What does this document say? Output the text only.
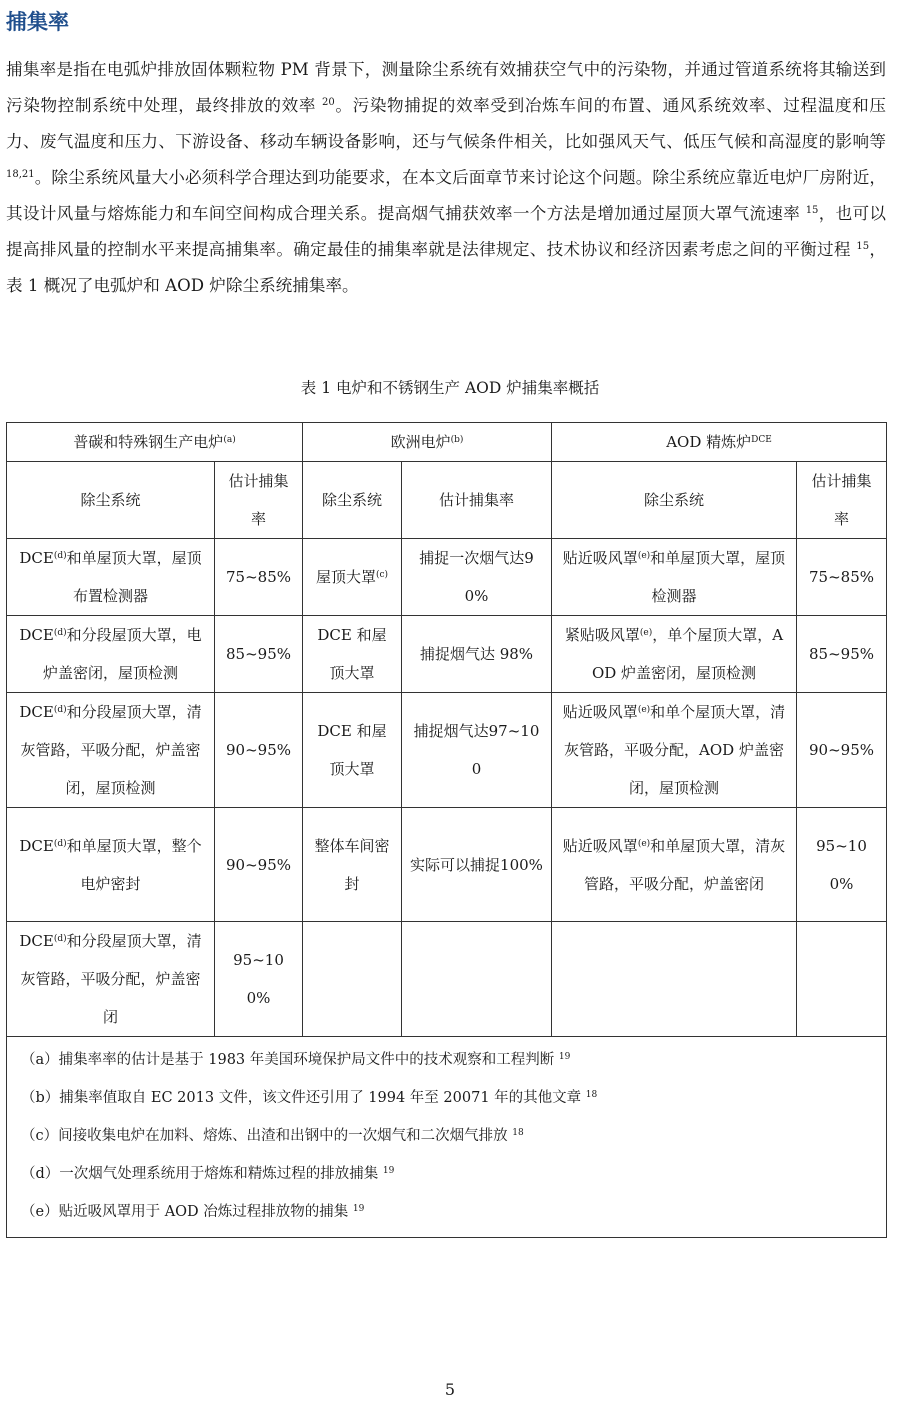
捕集率

捕集率是指在电弧炉排放固体颗粒物 PM 背景下，测量除尘系统有效捕获空气中的污染物，并通过管道系统将其输送到污染物控制系统中处理，最终排放的效率 $^{20}$。污染物捕捉的效率受到冶炼车间的布置、通风系统效率、过程温度和压力、废气温度和压力、下游设备、移动车辆设备影响，还与气候条件相关，比如强风天气、低压气候和高湿度的影响等 $^{18,21}$。除尘系统风量大小必须科学合理达到功能要求，在本文后面章节来讨论这个问题。除尘系统应靠近电炉厂房附近，其设计风量与熔炼能力和车间空间构成合理关系。提高烟气捕获效率一个方法是增加通过屋顶大罩气流速率 $^{15}$，也可以提高排风量的控制水平来提高捕集率。确定最佳的捕集率就是法律规定、技术协议和经济因素考虑之间的平衡过程 $^{15}$，表 1 概况了电弧炉和 AOD 炉除尘系统捕集率。

表 1 电炉和不锈钢生产 AOD 炉捕集率概括
普碳和特殊钢生产电炉$^{(a)}$		欧洲电炉$^{(b)}$		AOD 精炼炉$^{DCE}$
除尘系统	估计捕集率	除尘系统	估计捕集率	除尘系统	估计捕集率
DCE$^{(d)}$和单屋顶大罩，屋顶布置检测器	75~85%	屋顶大罩$^{(c)}$	捕捉一次烟气达90%	贴近吸风罩$^{(e)}$和单屋顶大罩，屋顶检测器	75~85%
DCE$^{(d)}$和分段屋顶大罩，电炉盖密闭，屋顶检测	85~95%	DCE 和屋顶大罩	捕捉烟气达 98%	紧贴吸风罩$^{(e)}$，单个屋顶大罩，AOD 炉盖密闭，屋顶检测	85~95%
DCE$^{(d)}$和分段屋顶大罩，清灰管路，平吸分配，炉盖密闭，屋顶检测	90~95%	DCE 和屋顶大罩	捕捉烟气达97~100	贴近吸风罩$^{(e)}$和单个屋顶大罩，清灰管路，平吸分配，AOD 炉盖密闭，屋顶检测	90~95%
DCE$^{(d)}$和单屋顶大罩，整个电炉密封	90~95%	整体车间密封	实际可以捕捉100%	贴近吸风罩$^{(e)}$和单屋顶大罩，清灰管路，平吸分配，炉盖密闭	95~100%
DCE$^{(d)}$和分段屋顶大罩，清灰管路，平吸分配，炉盖密闭	95~100%				

（a）捕集率率的估计是基于 1983 年美国环境保护局文件中的技术观察和工程判断 $^{19}$
（b）捕集率值取自 EC 2013 文件，该文件还引用了 1994 年至 20071 年的其他文章 $^{18}$
（c）间接收集电炉在加料、熔炼、出渣和出钢中的一次烟气和二次烟气排放 $^{18}$
（d）一次烟气处理系统用于熔炼和精炼过程的排放捕集 $^{19}$
（e）贴近吸风罩用于 AOD 冶炼过程排放物的捕集 $^{19}$
5
